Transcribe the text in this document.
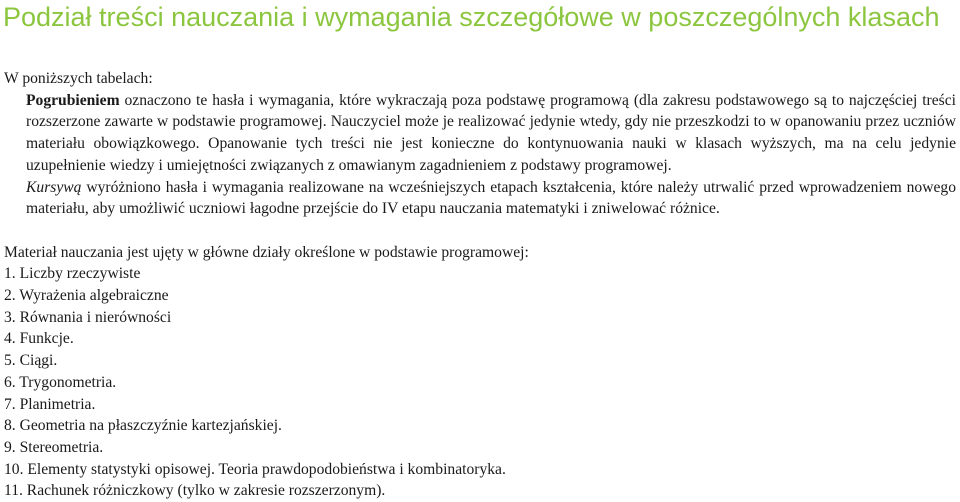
Podział treści nauczania i wymagania szczegółowe w poszczególnych klasach

W poniższych tabelach:

Pogrubieniem oznaczono te hasła i wymagania, które wykraczają poza podstawę programową (dla zakresu podstawowego są to najczęściej treści rozszerzone zawarte w podstawie programowej. Nauczyciel może je realizować jedynie wtedy, gdy nie przeszkodzi to w opanowaniu przez uczniów materiału obowiązkowego. Opanowanie tych treści nie jest konieczne do kontynuowania nauki w klasach wyższych, ma na celu jedynie uzupełnienie wiedzy i umiejętności związanych z omawianym zagadnieniem z podstawy programowej.

Kursywą wyróżniono hasła i wymagania realizowane na wcześniejszych etapach kształcenia, które należy utrwalić przed wprowadzeniem nowego materiału, aby umożliwić uczniowi łagodne przejście do IV etapu nauczania matematyki i zniwelować różnice.

Materiał nauczania jest ujęty w główne działy określone w podstawie programowej:

1. Liczby rzeczywiste
2. Wyrażenia algebraiczne
3. Równania i nierówności
4. Funkcje.
5. Ciągi.
6. Trygonometria.
7. Planimetria.
8. Geometria na płaszczyźnie kartezjańskiej.
9. Stereometria.
10. Elementy statystyki opisowej. Teoria prawdopodobieństwa i kombinatoryka.
11. Rachunek różniczkowy (tylko w zakresie rozszerzonym).
